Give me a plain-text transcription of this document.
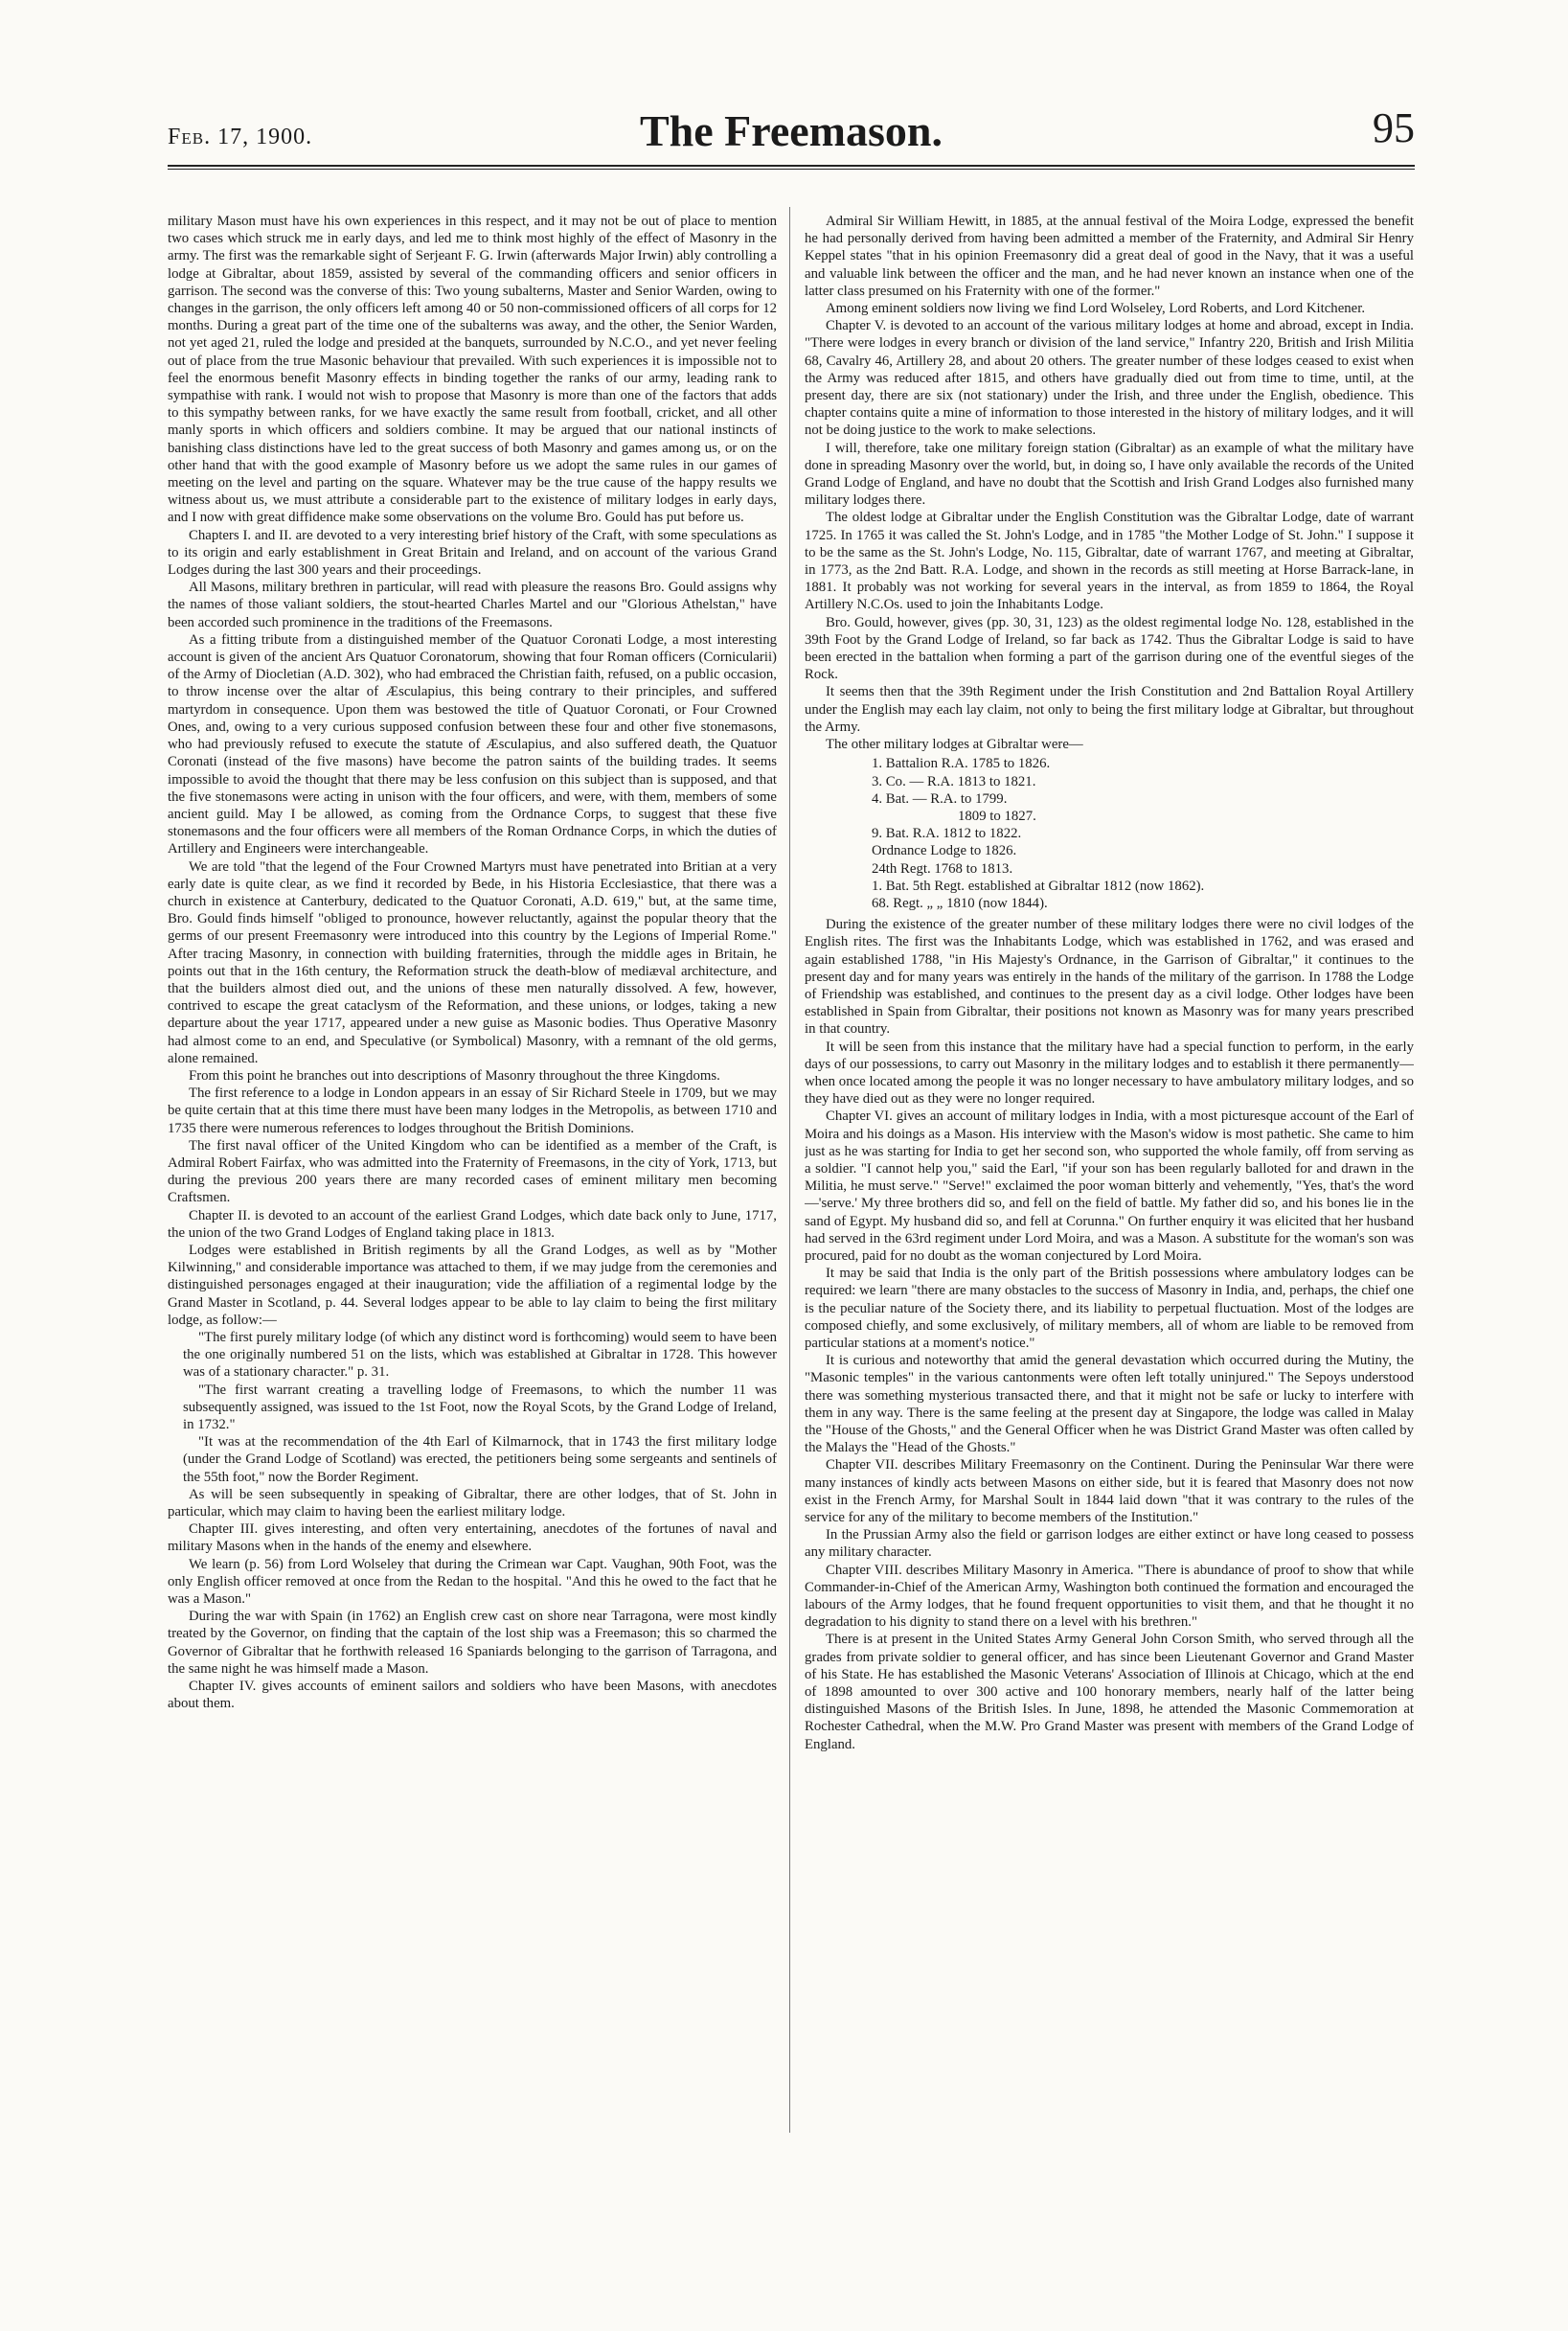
Feb. 17, 1900.	The Freemason.	95

military Mason must have his own experiences in this respect, and it may not be out of place to mention two cases which struck me in early days, and led me to think most highly of the effect of Masonry in the army. The first was the remarkable sight of Serjeant F. G. Irwin (afterwards Major Irwin) ably controlling a lodge at Gibraltar, about 1859, assisted by several of the commanding officers and senior officers in garrison. The second was the converse of this: Two young subalterns, Master and Senior Warden, owing to changes in the garrison, the only officers left among 40 or 50 non-commissioned officers of all corps for 12 months. During a great part of the time one of the subalterns was away, and the other, the Senior Warden, not yet aged 21, ruled the lodge and presided at the banquets, surrounded by N.C.O., and yet never feeling out of place from the true Masonic behaviour that prevailed. With such experiences it is impossible not to feel the enormous benefit Masonry effects in binding together the ranks of our army, leading rank to sympathise with rank. I would not wish to propose that Masonry is more than one of the factors that adds to this sympathy between ranks, for we have exactly the same result from football, cricket, and all other manly sports in which officers and soldiers combine. It may be argued that our national instincts of banishing class distinctions have led to the great success of both Masonry and games among us, or on the other hand that with the good example of Masonry before us we adopt the same rules in our games of meeting on the level and parting on the square. Whatever may be the true cause of the happy results we witness about us, we must attribute a considerable part to the existence of military lodges in early days, and I now with great diffidence make some observations on the volume Bro. Gould has put before us.

Chapters I. and II. are devoted to a very interesting brief history of the Craft, with some speculations as to its origin and early establishment in Great Britain and Ireland, and on account of the various Grand Lodges during the last 300 years and their proceedings.

All Masons, military brethren in particular, will read with pleasure the reasons Bro. Gould assigns why the names of those valiant soldiers, the stout-hearted Charles Martel and our "Glorious Athelstan," have been accorded such prominence in the traditions of the Freemasons.

As a fitting tribute from a distinguished member of the Quatuor Coronati Lodge, a most interesting account is given of the ancient Ars Quatuor Coronatorum, showing that four Roman officers (Cornicularii) of the Army of Diocletian (A.D. 302), who had embraced the Christian faith, refused, on a public occasion, to throw incense over the altar of Æsculapius, this being contrary to their principles, and suffered martyrdom in consequence. Upon them was bestowed the title of Quatuor Coronati, or Four Crowned Ones, and, owing to a very curious supposed confusion between these four and other five stonemasons, who had previously refused to execute the statute of Æsculapius, and also suffered death, the Quatuor Coronati (instead of the five masons) have become the patron saints of the building trades. It seems impossible to avoid the thought that there may be less confusion on this subject than is supposed, and that the five stonemasons were acting in unison with the four officers, and were, with them, members of some ancient guild. May I be allowed, as coming from the Ordnance Corps, to suggest that these five stonemasons and the four officers were all members of the Roman Ordnance Corps, in which the duties of Artillery and Engineers were interchangeable.

We are told "that the legend of the Four Crowned Martyrs must have penetrated into Britian at a very early date is quite clear, as we find it recorded by Bede, in his Historia Ecclesiastice, that there was a church in existence at Canterbury, dedicated to the Quatuor Coronati, A.D. 619," but, at the same time, Bro. Gould finds himself "obliged to pronounce, however reluctantly, against the popular theory that the germs of our present Freemasonry were introduced into this country by the Legions of Imperial Rome." After tracing Masonry, in connection with building fraternities, through the middle ages in Britain, he points out that in the 16th century, the Reformation struck the death-blow of mediæval architecture, and that the builders almost died out, and the unions of these men naturally dissolved. A few, however, contrived to escape the great cataclysm of the Reformation, and these unions, or lodges, taking a new departure about the year 1717, appeared under a new guise as Masonic bodies. Thus Operative Masonry had almost come to an end, and Speculative (or Symbolical) Masonry, with a remnant of the old germs, alone remained.

From this point he branches out into descriptions of Masonry throughout the three Kingdoms.

The first reference to a lodge in London appears in an essay of Sir Richard Steele in 1709, but we may be quite certain that at this time there must have been many lodges in the Metropolis, as between 1710 and 1735 there were numerous references to lodges throughout the British Dominions.

The first naval officer of the United Kingdom who can be identified as a member of the Craft, is Admiral Robert Fairfax, who was admitted into the Fraternity of Freemasons, in the city of York, 1713, but during the previous 200 years there are many recorded cases of eminent military men becoming Craftsmen.

Chapter II. is devoted to an account of the earliest Grand Lodges, which date back only to June, 1717, the union of the two Grand Lodges of England taking place in 1813.

Lodges were established in British regiments by all the Grand Lodges, as well as by "Mother Kilwinning," and considerable importance was attached to them, if we may judge from the ceremonies and distinguished personages engaged at their inauguration; vide the affiliation of a regimental lodge by the Grand Master in Scotland, p. 44. Several lodges appear to be able to lay claim to being the first military lodge, as follow:—

"The first purely military lodge (of which any distinct word is forthcoming) would seem to have been the one originally numbered 51 on the lists, which was established at Gibraltar in 1728. This however was of a stationary character." p. 31.

"The first warrant creating a travelling lodge of Freemasons, to which the number 11 was subsequently assigned, was issued to the 1st Foot, now the Royal Scots, by the Grand Lodge of Ireland, in 1732."

"It was at the recommendation of the 4th Earl of Kilmarnock, that in 1743 the first military lodge (under the Grand Lodge of Scotland) was erected, the petitioners being some sergeants and sentinels of the 55th foot," now the Border Regiment.

As will be seen subsequently in speaking of Gibraltar, there are other lodges, that of St. John in particular, which may claim to having been the earliest military lodge.

Chapter III. gives interesting, and often very entertaining, anecdotes of the fortunes of naval and military Masons when in the hands of the enemy and elsewhere.

We learn (p. 56) from Lord Wolseley that during the Crimean war Capt. Vaughan, 90th Foot, was the only English officer removed at once from the Redan to the hospital. "And this he owed to the fact that he was a Mason."

During the war with Spain (in 1762) an English crew cast on shore near Tarragona, were most kindly treated by the Governor, on finding that the captain of the lost ship was a Freemason; this so charmed the Governor of Gibraltar that he forthwith released 16 Spaniards belonging to the garrison of Tarragona, and the same night he was himself made a Mason.

Chapter IV. gives accounts of eminent sailors and soldiers who have been Masons, with anecdotes about them.

Admiral Sir William Hewitt, in 1885, at the annual festival of the Moira Lodge, expressed the benefit he had personally derived from having been admitted a member of the Fraternity, and Admiral Sir Henry Keppel states "that in his opinion Freemasonry did a great deal of good in the Navy, that it was a useful and valuable link between the officer and the man, and he had never known an instance when one of the latter class presumed on his Fraternity with one of the former."

Among eminent soldiers now living we find Lord Wolseley, Lord Roberts, and Lord Kitchener.

Chapter V. is devoted to an account of the various military lodges at home and abroad, except in India. "There were lodges in every branch or division of the land service," Infantry 220, British and Irish Militia 68, Cavalry 46, Artillery 28, and about 20 others. The greater number of these lodges ceased to exist when the Army was reduced after 1815, and others have gradually died out from time to time, until, at the present day, there are six (not stationary) under the Irish, and three under the English, obedience. This chapter contains quite a mine of information to those interested in the history of military lodges, and it will not be doing justice to the work to make selections.

I will, therefore, take one military foreign station (Gibraltar) as an example of what the military have done in spreading Masonry over the world, but, in doing so, I have only available the records of the United Grand Lodge of England, and have no doubt that the Scottish and Irish Grand Lodges also furnished many military lodges there.

The oldest lodge at Gibraltar under the English Constitution was the Gibraltar Lodge, date of warrant 1725. In 1765 it was called the St. John's Lodge, and in 1785 "the Mother Lodge of St. John." I suppose it to be the same as the St. John's Lodge, No. 115, Gibraltar, date of warrant 1767, and meeting at Gibraltar, in 1773, as the 2nd Batt. R.A. Lodge, and shown in the records as still meeting at Horse Barrack-lane, in 1881. It probably was not working for several years in the interval, as from 1859 to 1864, the Royal Artillery N.C.Os. used to join the Inhabitants Lodge.

Bro. Gould, however, gives (pp. 30, 31, 123) as the oldest regimental lodge No. 128, established in the 39th Foot by the Grand Lodge of Ireland, so far back as 1742. Thus the Gibraltar Lodge is said to have been erected in the battalion when forming a part of the garrison during one of the eventful sieges of the Rock.

It seems then that the 39th Regiment under the Irish Constitution and 2nd Battalion Royal Artillery under the English may each lay claim, not only to being the first military lodge at Gibraltar, but throughout the Army.

The other military lodges at Gibraltar were—

1. Battalion R.A. 1785 to 1826.
3. Co. — R.A. 1813 to 1821.
4. Bat. — R.A. to 1799.
1809 to 1827.
9. Bat. R.A. 1812 to 1822.
Ordnance Lodge to 1826.
24th Regt. 1768 to 1813.
1. Bat. 5th Regt. established at Gibraltar 1812 (now 1862).
68. Regt. „ „ 1810 (now 1844).

During the existence of the greater number of these military lodges there were no civil lodges of the English rites. The first was the Inhabitants Lodge, which was established in 1762, and was erased and again established 1788, "in His Majesty's Ordnance, in the Garrison of Gibraltar," it continues to the present day and for many years was entirely in the hands of the military of the garrison. In 1788 the Lodge of Friendship was established, and continues to the present day as a civil lodge. Other lodges have been established in Spain from Gibraltar, their positions not known as Masonry was for many years prescribed in that country.

It will be seen from this instance that the military have had a special function to perform, in the early days of our possessions, to carry out Masonry in the military lodges and to establish it there permanently—when once located among the people it was no longer necessary to have ambulatory military lodges, and so they have died out as they were no longer required.

Chapter VI. gives an account of military lodges in India, with a most picturesque account of the Earl of Moira and his doings as a Mason. His interview with the Mason's widow is most pathetic. She came to him just as he was starting for India to get her second son, who supported the whole family, off from serving as a soldier. "I cannot help you," said the Earl, "if your son has been regularly balloted for and drawn in the Militia, he must serve." "Serve!" exclaimed the poor woman bitterly and vehemently, "Yes, that's the word—'serve.' My three brothers did so, and fell on the field of battle. My father did so, and his bones lie in the sand of Egypt. My husband did so, and fell at Corunna." On further enquiry it was elicited that her husband had served in the 63rd regiment under Lord Moira, and was a Mason. A substitute for the woman's son was procured, paid for no doubt as the woman conjectured by Lord Moira.

It may be said that India is the only part of the British possessions where ambulatory lodges can be required: we learn "there are many obstacles to the success of Masonry in India, and, perhaps, the chief one is the peculiar nature of the Society there, and its liability to perpetual fluctuation. Most of the lodges are composed chiefly, and some exclusively, of military members, all of whom are liable to be removed from particular stations at a moment's notice."

It is curious and noteworthy that amid the general devastation which occurred during the Mutiny, the "Masonic temples" in the various cantonments were often left totally uninjured." The Sepoys understood there was something mysterious transacted there, and that it might not be safe or lucky to interfere with them in any way. There is the same feeling at the present day at Singapore, the lodge was called in Malay the "House of the Ghosts," and the General Officer when he was District Grand Master was often called by the Malays the "Head of the Ghosts."

Chapter VII. describes Military Freemasonry on the Continent. During the Peninsular War there were many instances of kindly acts between Masons on either side, but it is feared that Masonry does not now exist in the French Army, for Marshal Soult in 1844 laid down "that it was contrary to the rules of the service for any of the military to become members of the Institution."

In the Prussian Army also the field or garrison lodges are either extinct or have long ceased to possess any military character.

Chapter VIII. describes Military Masonry in America. "There is abundance of proof to show that while Commander-in-Chief of the American Army, Washington both continued the formation and encouraged the labours of the Army lodges, that he found frequent opportunities to visit them, and that he thought it no degradation to his dignity to stand there on a level with his brethren."

There is at present in the United States Army General John Corson Smith, who served through all the grades from private soldier to general officer, and has since been Lieutenant Governor and Grand Master of his State. He has established the Masonic Veterans' Association of Illinois at Chicago, which at the end of 1898 amounted to over 300 active and 100 honorary members, nearly half of the latter being distinguished Masons of the British Isles. In June, 1898, he attended the Masonic Commemoration at Rochester Cathedral, when the M.W. Pro Grand Master was present with members of the Grand Lodge of England.
